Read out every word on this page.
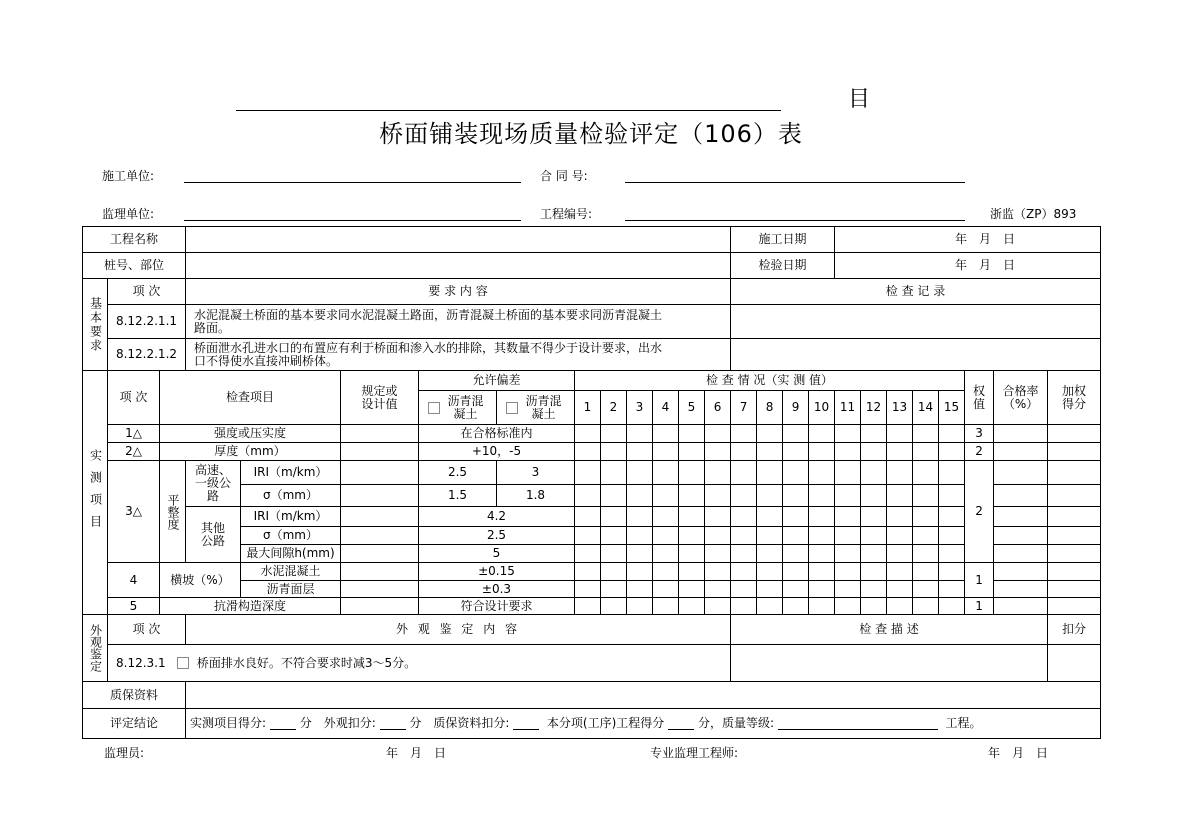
目
桥面铺装现场质量检验评定（106）表
施工单位:	合 同 号:
监理单位:	工程编号:	浙监（ZP）893
工程名称														施工日期				年　月　日							
桩号、部位														检验日期				年　月　日							

基本要求	项 次		要 求 内 容											检 查 记 录											
	8.12.2.1.1		水泥混凝土桥面的基本要求同水泥混凝土路面，沥青混凝土桥面的基本要求同沥青混凝土路面。																						
	8.12.2.1.2		桥面泄水孔进水口的布置应有利于桥面和渗入水的排除，其数量不得少于设计要求，出水口不得使水直接冲刷桥体。																						

实测项目	项 次	检查项目			规定或设计值	允许偏差		检 查 情 况（实 测 值）															权值	合格率（%）	加权得分
						沥青混凝土	沥青混凝土	1	2	3	4	5	6	7	8	9	10	11	12	13	14	15			
	1△	强度或压实度				在合格标准内																	3		
	2△	厚度（mm）				+10，-5																	2		
	3△	平整度	高速、一级公路	IRI（m/km）		2.5	3																2		
				σ（mm）		1.5	1.8																		
			其他公路	IRI（m/km）		4.2																			
				σ（mm）		2.5																			
				最大间隙h(mm)		5																			
	4	横坡（%）		水泥混凝土		±0.15																	1		
				沥青面层		±0.3																			
	5	抗滑构造深度				符合设计要求																	1		

外观鉴定	项 次		外 观 鉴 定 内 容											检 查 描 述											扣分
	8.12.3.1 桥面排水良好。不符合要求时减3～5分。																								
质保资料																									
评定结论			实测项目得分: 分　外观扣分: 分　质保资料扣分: 本分项(工序)工程得分 分，质量等级: 工程。																						
监理员:	年　月　日	专业监理工程师:	年　月　日
